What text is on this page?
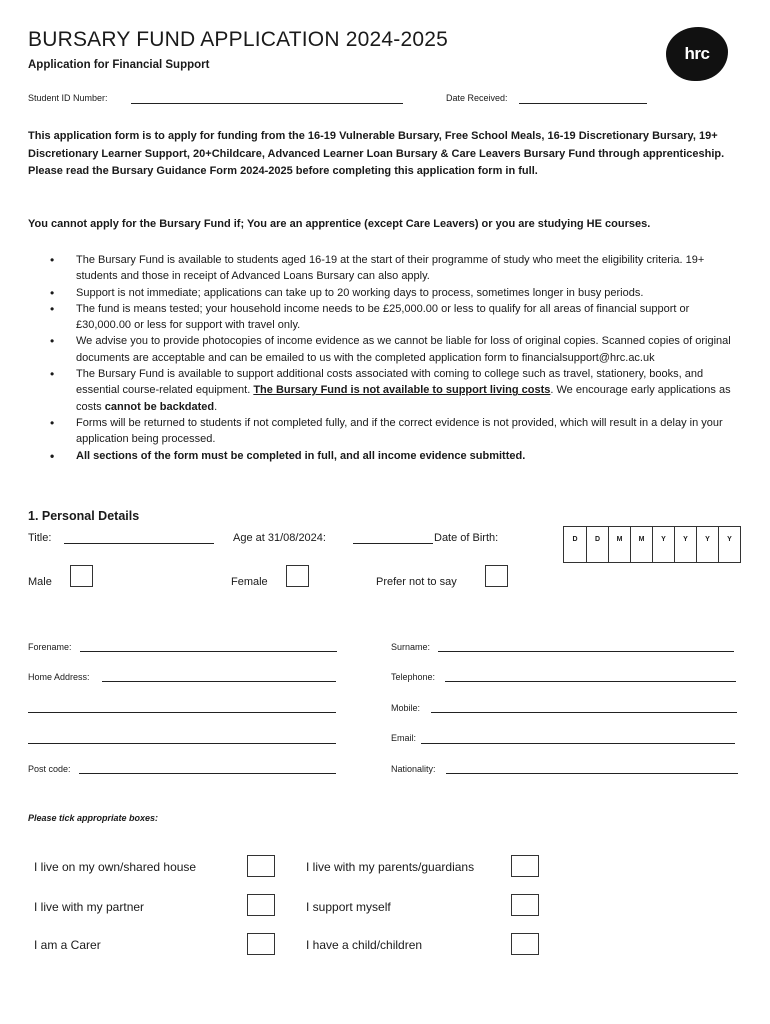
BURSARY FUND APPLICATION 2024-2025
Application for Financial Support
hrc
Student ID Number:	Date Received:
This application form is to apply for funding from the 16-19 Vulnerable Bursary, Free School Meals, 16-19 Discretionary Bursary, 19+ Discretionary Learner Support, 20+Childcare, Advanced Learner Loan Bursary & Care Leavers Bursary Fund through apprenticeship. Please read the Bursary Guidance Form 2024-2025 before completing this application form in full.
You cannot apply for the Bursary Fund if; You are an apprentice (except Care Leavers) or you are studying HE courses.
• The Bursary Fund is available to students aged 16-19 at the start of their programme of study who meet the eligibility criteria. 19+ students and those in receipt of Advanced Loans Bursary can also apply.
• Support is not immediate; applications can take up to 20 working days to process, sometimes longer in busy periods.
• The fund is means tested; your household income needs to be £25,000.00 or less to qualify for all areas of financial support or £30,000.00 or less for support with travel only.
• We advise you to provide photocopies of income evidence as we cannot be liable for loss of original copies. Scanned copies of original documents are acceptable and can be emailed to us with the completed application form to financialsupport@hrc.ac.uk
• The Bursary Fund is available to support additional costs associated with coming to college such as travel, stationery, books, and essential course-related equipment. The Bursary Fund is not available to support living costs. We encourage early applications as costs cannot be backdated.
• Forms will be returned to students if not completed fully, and if the correct evidence is not provided, which will result in a delay in your application being processed.
• All sections of the form must be completed in full, and all income evidence submitted.
1. Personal Details
Title:	Age at 31/08/2024:	Date of Birth:	D	D	M	M	Y	Y	Y	Y
Male	Female	Prefer not to say
Forename:	Surname:
Home Address:	Telephone:
Mobile:
Email:
Post code:	Nationality:
Please tick appropriate boxes:
I live on my own/shared house	I live with my parents/guardians
I live with my partner	I support myself
I am a Carer	I have a child/children
